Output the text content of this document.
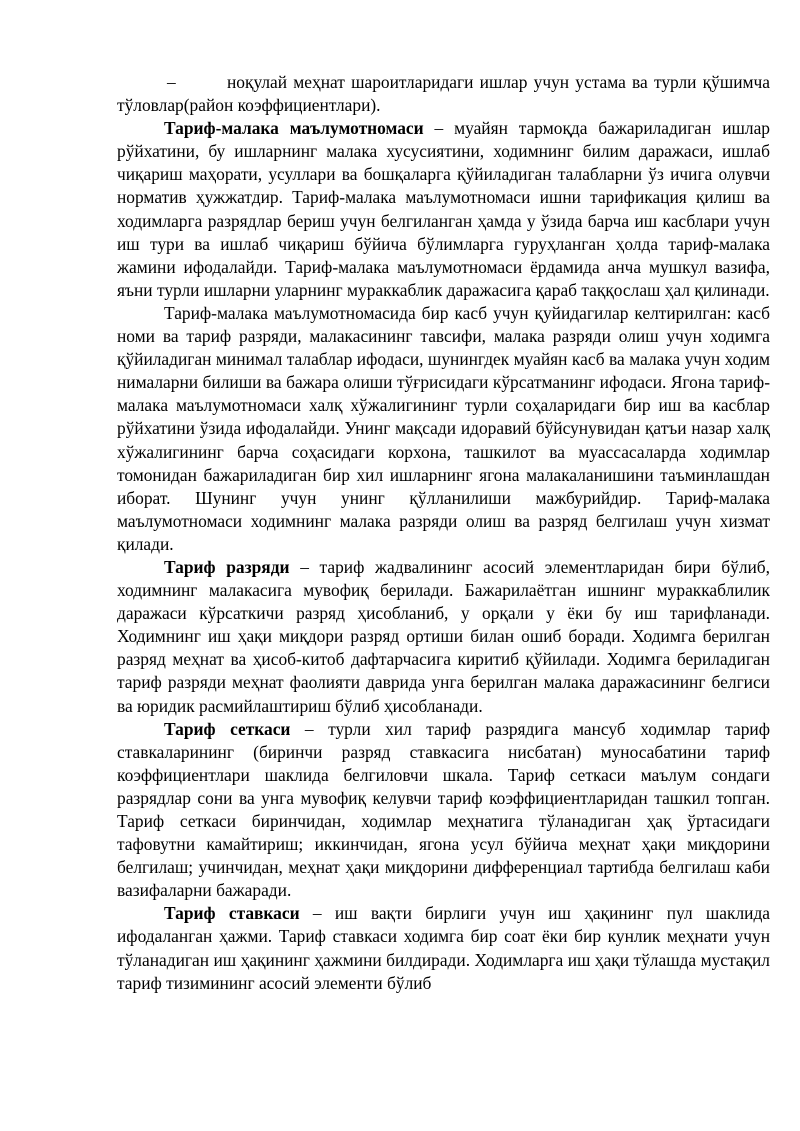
–	ноқулай меҳнат шароитларидаги ишлар учун устама ва турли қўшимча тўловлар(район коэффициентлари).

Тариф-малака маълумотномаси – муайян тармоқда бажариладиган ишлар рўйхатини, бу ишларнинг малака хусусиятини, ходимнинг билим даражаси, ишлаб чиқариш маҳорати, усуллари ва бошқаларга қўйиладиган талабларни ўз ичига олувчи норматив ҳужжатдир. Тариф-малака маълумотномаси ишни тарификация қилиш ва ходимларга разрядлар бериш учун белгиланган ҳамда у ўзида барча иш касблари учун иш тури ва ишлаб чиқариш бўйича бўлимларга гуруҳланган ҳолда тариф-малака жамини ифодалайди. Тариф-малака маълумотномаси ёрдамида анча мушкул вазифа, яъни турли ишларни уларнинг мураккаблик даражасига қараб таққослаш ҳал қилинади.

Тариф-малака маълумотномасида бир касб учун қуйидагилар келтирилган: касб номи ва тариф разряди, малакасининг тавсифи, малака разряди олиш учун ходимга қўйиладиган минимал талаблар ифодаси, шунингдек муайян касб ва малака учун ходим нималарни билиши ва бажара олиши тўғрисидаги кўрсатманинг ифодаси. Ягона тариф-малака маълумотномаси халқ хўжалигининг турли соҳаларидаги бир иш ва касблар рўйхатини ўзида ифодалайди. Унинг мақсади идоравий бўйсунувидан қатъи назар халқ хўжалигининг барча соҳасидаги корхона, ташкилот ва муассасаларда ходимлар томонидан бажариладиган бир хил ишларнинг ягона малакаланишини таъминлашдан иборат. Шунинг учун унинг қўлланилиши мажбурийдир. Тариф-малака маълумотномаси ходимнинг малака разряди олиш ва разряд белгилаш учун хизмат қилади.

Тариф разряди – тариф жадвалининг асосий элементларидан бири бўлиб, ходимнинг малакасига мувофиқ берилади. Бажарилаётган ишнинг мураккаблилик даражаси кўрсаткичи разряд ҳисобланиб, у орқали у ёки бу иш тарифланади. Ходимнинг иш ҳақи миқдори разряд ортиши билан ошиб боради. Ходимга берилган разряд меҳнат ва ҳисоб-китоб дафтарчасига киритиб қўйилади. Ходимга бериладиган тариф разряди меҳнат фаолияти даврида унга берилган малака даражасининг белгиси ва юридик расмийлаштириш бўлиб ҳисобланади.

Тариф сеткаси – турли хил тариф разрядига мансуб ходимлар тариф ставкаларининг (биринчи разряд ставкасига нисбатан) муносабатини тариф коэффициентлари шаклида белгиловчи шкала. Тариф сеткаси маълум сондаги разрядлар сони ва унга мувофиқ келувчи тариф коэффициентларидан ташкил топган. Тариф сеткаси биринчидан, ходимлар меҳнатига тўланадиган ҳақ ўртасидаги тафовутни камайтириш; иккинчидан, ягона усул бўйича меҳнат ҳақи миқдорини белгилаш; учинчидан, меҳнат ҳақи миқдорини дифференциал тартибда белгилаш каби вазифаларни бажаради.

Тариф ставкаси – иш вақти бирлиги учун иш ҳақининг пул шаклида ифодаланган ҳажми. Тариф ставкаси ходимга бир соат ёки бир кунлик меҳнати учун тўланадиган иш ҳақининг ҳажмини билдиради. Ходимларга иш ҳақи тўлашда мустақил тариф тизимининг асосий элементи бўлиб
